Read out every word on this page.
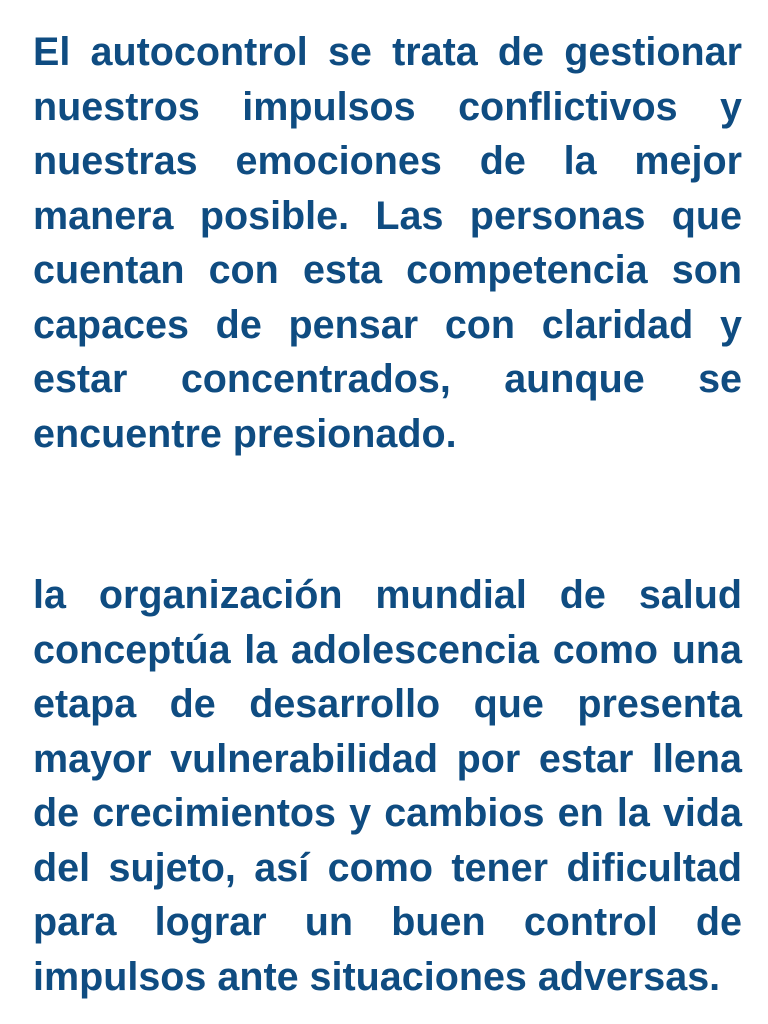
El autocontrol se trata de gestionar nuestros impulsos conflictivos y nuestras emociones de la mejor manera posible. Las personas que cuentan con esta competencia son capaces de pensar con claridad y estar concentrados, aunque se encuentre presionado.

la organización mundial de salud conceptúa la adolescencia como una etapa de desarrollo que presenta mayor vulnerabilidad por estar llena de crecimientos y cambios en la vida del sujeto, así como tener dificultad para lograr un buen control de impulsos ante situaciones adversas.
